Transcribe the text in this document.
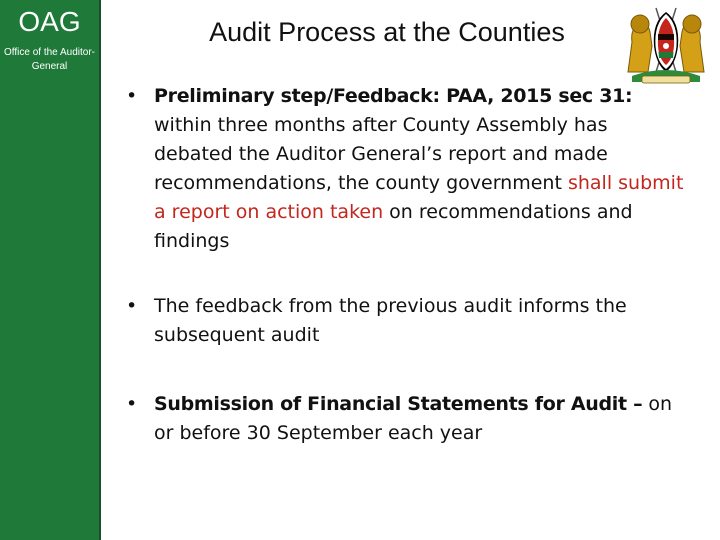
OAG
Office of the Auditor-General
Audit Process at the Counties
• Preliminary step/Feedback: PAA, 2015 sec 31: within three months after County Assembly has debated the Auditor General’s report and made recommendations, the county government shall submit a report on action taken on recommendations and findings
• The feedback from the previous audit informs the subsequent audit
• Submission of Financial Statements for Audit – on or before 30 September each year
